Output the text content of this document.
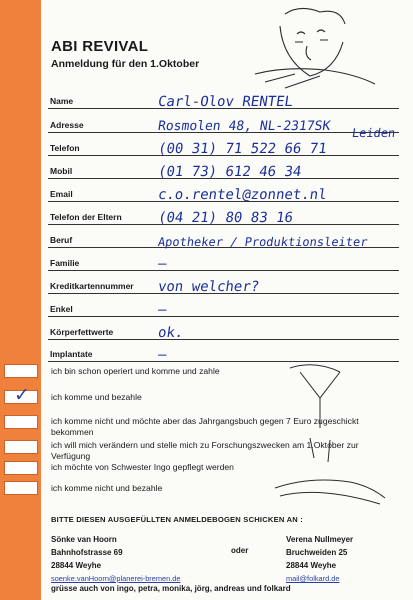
✓
ABI REVIVAL
Anmeldung für den 1.Oktober
Name	Carl-Olov RENTEL
Adresse	Rosmolen 48, NL-2317SK Leiden
Telefon	(00 31) 71 522 66 71
Mobil	(01 73) 612 46 34
Email	c.o.rentel@zonnet.nl
Telefon der Eltern	(04 21) 80 83 16
Beruf	Apotheker / Produktionsleiter
Familie	—
Kreditkartennummer von welcher?
Enkel	—
Körperfettwerte	ok.
Implantate	—
ich bin schon operiert und komme und zahle
ich komme und bezahle
ich komme nicht und möchte aber das Jahrgangsbuch gegen 7 Euro zugeschickt bekommen
ich will mich verändern und stelle mich zu Forschungszwecken am 1.Oktober zur Verfügung
ich möchte von Schwester Ingo gepflegt werden
ich komme nicht und bezahle
BITTE DIESEN AUSGEFÜLLTEN ANMELDEBOGEN SCHICKEN AN :
Sönke van Hoorn
Bahnhofstrasse 69
28844 Weyhe
soenke.vanHoorn@planerei-bremen.de
oder
Verena Nullmeyer
Bruchweiden 25
28844 Weyhe
mail@folkard.de
grüsse auch von ingo, petra, monika, jörg, andreas und folkard
